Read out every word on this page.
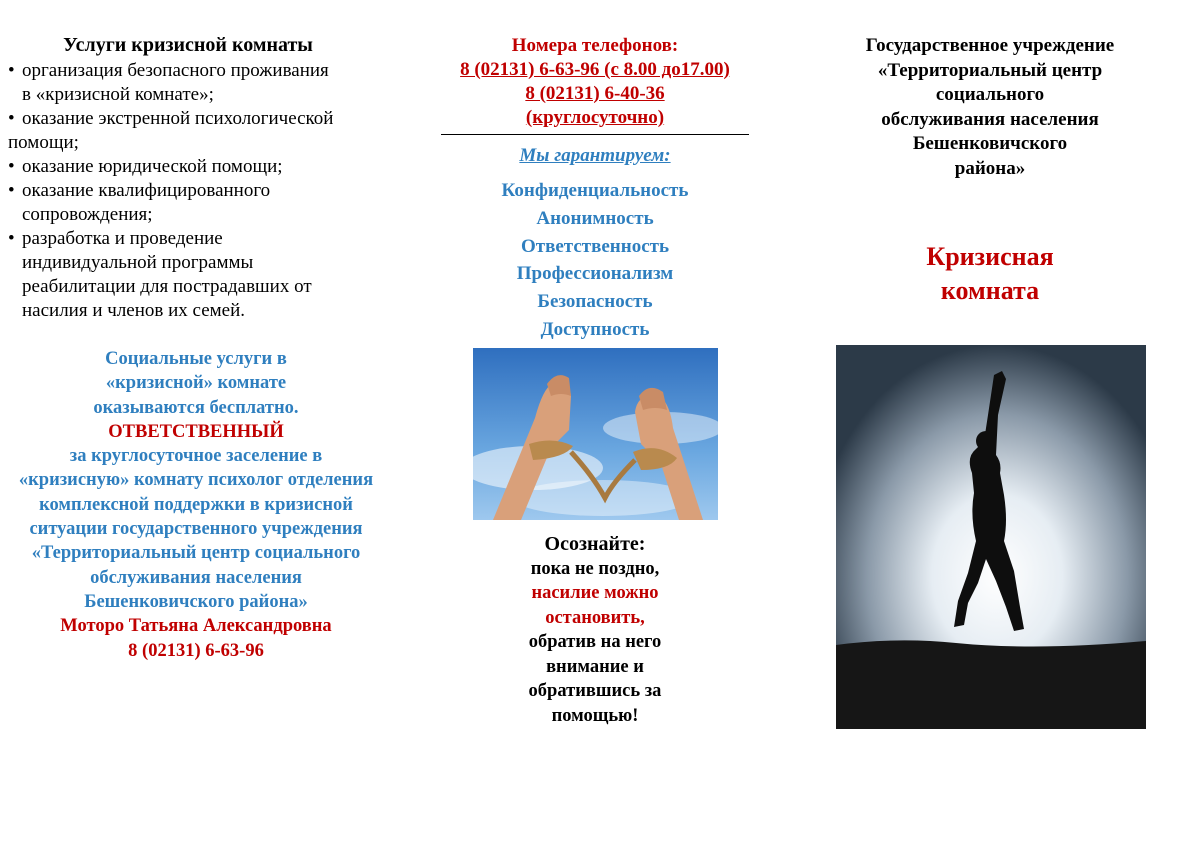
Услуги кризисной комнаты
• организация безопасного проживания
в «кризисной комнате»;
• оказание экстренной психологической
помощи;
• оказание юридической помощи;
• оказание квалифицированного
сопровождения;
• разработка и проведение
индивидуальной программы реабилитации для пострадавших от насилия и членов их семей.
Социальные услуги в «кризисной» комнате оказываются бесплатно.
ОТВЕТСТВЕННЫЙ
за круглосуточное заселение в «кризисную» комнату психолог отделения комплексной поддержки в кризисной ситуации государственного учреждения «Территориальный центр социального обслуживания населения Бешенковичского района»
Моторо Татьяна Александровна
8 (02131) 6-63-96
Номера телефонов:
8 (02131) 6-63-96 (с 8.00 до17.00)
8 (02131) 6-40-36
(круглосуточно)
Мы гарантируем:
Конфиденциальность
Анонимность
Ответственность
Профессионализм
Безопасность
Доступность
Осознайте:
пока не поздно,
насилие можно остановить,
обратив на него внимание и обратившись за помощью!
Государственное учреждение
«Территориальный центр
социального
обслуживания населения
Бешенковичского
района»
Кризисная
комната
